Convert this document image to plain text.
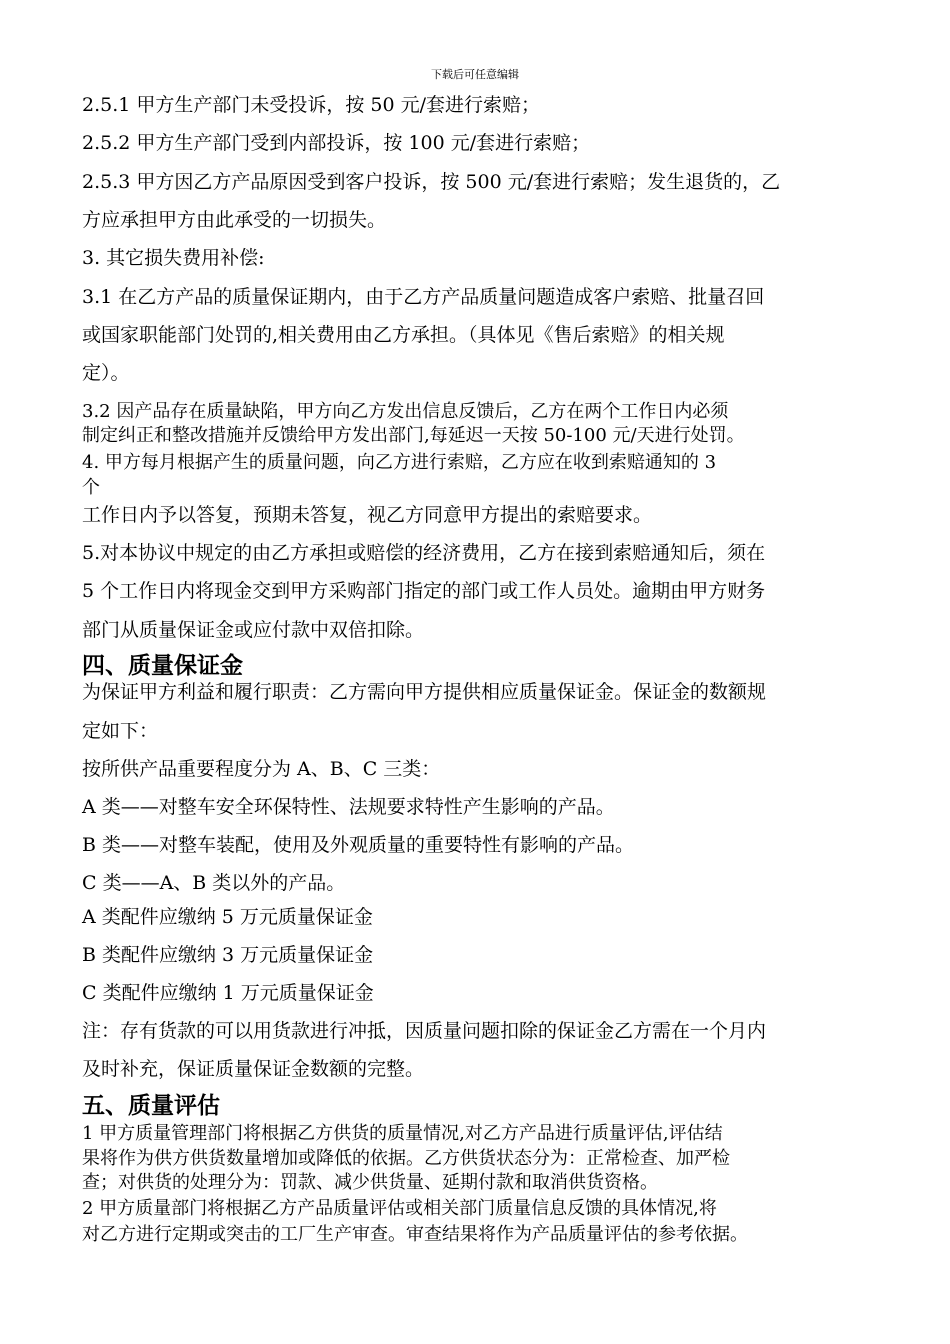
下载后可任意编辑
2.5.1 甲方生产部门未受投诉，按 50 元/套进行索赔；
2.5.2 甲方生产部门受到内部投诉，按 100 元/套进行索赔；
2.5.3 甲方因乙方产品原因受到客户投诉，按 500 元/套进行索赔；发生退货的，乙
方应承担甲方由此承受的一切损失。
3. 其它损失费用补偿:
3.1 在乙方产品的质量保证期内，由于乙方产品质量问题造成客户索赔、批量召回
或国家职能部门处罚的,相关费用由乙方承担。（具体见《售后索赔》的相关规
定）。
3.2 因产品存在质量缺陷，甲方向乙方发出信息反馈后，乙方在两个工作日内必须
制定纠正和整改措施并反馈给甲方发出部门,每延迟一天按 50-100 元/天进行处罚。
4. 甲方每月根据产生的质量问题，向乙方进行索赔，乙方应在收到索赔通知的 3
个
工作日内予以答复，预期未答复，视乙方同意甲方提出的索赔要求。
5.对本协议中规定的由乙方承担或赔偿的经济费用，乙方在接到索赔通知后，须在
5 个工作日内将现金交到甲方采购部门指定的部门或工作人员处。逾期由甲方财务
部门从质量保证金或应付款中双倍扣除。
四、质量保证金
为保证甲方利益和履行职责：乙方需向甲方提供相应质量保证金。保证金的数额规
定如下：
按所供产品重要程度分为 A、B、C 三类：
A 类——对整车安全环保特性、法规要求特性产生影响的产品。
B 类——对整车装配，使用及外观质量的重要特性有影响的产品。
C 类——A、B 类以外的产品。
A 类配件应缴纳 5 万元质量保证金
B 类配件应缴纳 3 万元质量保证金
C 类配件应缴纳 1 万元质量保证金
注：存有货款的可以用货款进行冲抵，因质量问题扣除的保证金乙方需在一个月内
及时补充，保证质量保证金数额的完整。
五、质量评估
1 甲方质量管理部门将根据乙方供货的质量情况,对乙方产品进行质量评估,评估结
果将作为供方供货数量增加或降低的依据。乙方供货状态分为：正常检查、加严检
查；对供货的处理分为：罚款、减少供货量、延期付款和取消供货资格。
2 甲方质量部门将根据乙方产品质量评估或相关部门质量信息反馈的具体情况,将
对乙方进行定期或突击的工厂生产审查。审查结果将作为产品质量评估的参考依据。
